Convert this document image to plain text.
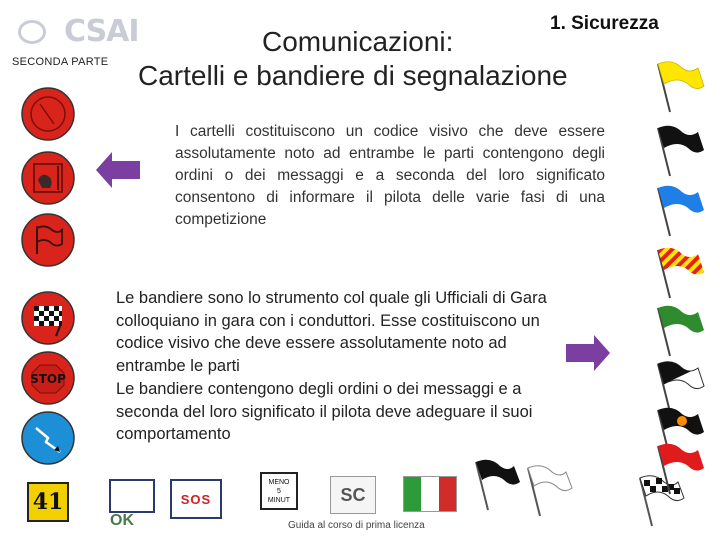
CSAI
SECONDA PARTE
1. Sicurezza
Comunicazioni:
Cartelli e bandiere di segnalazione
I cartelli costituiscono un codice visivo che deve essere assolutamente noto ad entrambe le parti contengono degli ordini o dei messaggi e a seconda del loro significato consentono di informare il pilota delle varie fasi di una competizione
Le bandiere sono lo strumento col quale gli Ufficiali di Gara
colloquiano in gara con i conduttori. Esse costituiscono un
codice visivo che deve essere assolutamente noto ad
entrambe le parti
Le bandiere contengono degli ordini o dei messaggi e a
seconda del loro significato il pilota deve adeguare il suoi
comportamento
STOP
41
OK
SOS
MENO
5
MINUT	SC
Guida al corso di prima licenza
